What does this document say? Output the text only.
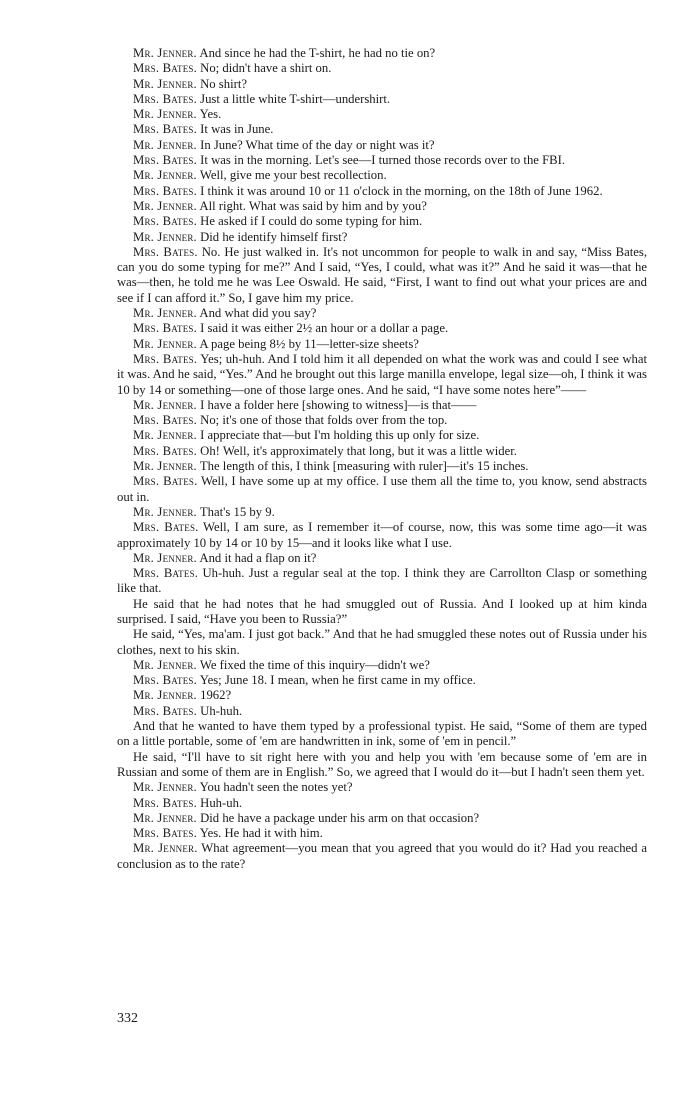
Mr. Jenner. And since he had the T-shirt, he had no tie on?

Mrs. Bates. No; didn't have a shirt on.

Mr. Jenner. No shirt?

Mrs. Bates. Just a little white T-shirt—undershirt.

Mr. Jenner. Yes.

Mrs. Bates. It was in June.

Mr. Jenner. In June? What time of the day or night was it?

Mrs. Bates. It was in the morning. Let's see—I turned those records over to the FBI.

Mr. Jenner. Well, give me your best recollection.

Mrs. Bates. I think it was around 10 or 11 o'clock in the morning, on the 18th of June 1962.

Mr. Jenner. All right. What was said by him and by you?

Mrs. Bates. He asked if I could do some typing for him.

Mr. Jenner. Did he identify himself first?

Mrs. Bates. No. He just walked in. It's not uncommon for people to walk in and say, “Miss Bates, can you do some typing for me?” And I said, “Yes, I could, what was it?” And he said it was—that he was—then, he told me he was Lee Oswald. He said, “First, I want to find out what your prices are and see if I can afford it.” So, I gave him my price.

Mr. Jenner. And what did you say?

Mrs. Bates. I said it was either 2½ an hour or a dollar a page.

Mr. Jenner. A page being 8½ by 11—letter-size sheets?

Mrs. Bates. Yes; uh-huh. And I told him it all depended on what the work was and could I see what it was. And he said, “Yes.” And he brought out this large manilla envelope, legal size—oh, I think it was 10 by 14 or something—one of those large ones. And he said, “I have some notes here”——

Mr. Jenner. I have a folder here [showing to witness]—is that——

Mrs. Bates. No; it's one of those that folds over from the top.

Mr. Jenner. I appreciate that—but I'm holding this up only for size.

Mrs. Bates. Oh! Well, it's approximately that long, but it was a little wider.

Mr. Jenner. The length of this, I think [measuring with ruler]—it's 15 inches.

Mrs. Bates. Well, I have some up at my office. I use them all the time to, you know, send abstracts out in.

Mr. Jenner. That's 15 by 9.

Mrs. Bates. Well, I am sure, as I remember it—of course, now, this was some time ago—it was approximately 10 by 14 or 10 by 15—and it looks like what I use.

Mr. Jenner. And it had a flap on it?

Mrs. Bates. Uh-huh. Just a regular seal at the top. I think they are Carrollton Clasp or something like that.

He said that he had notes that he had smuggled out of Russia. And I looked up at him kinda surprised. I said, “Have you been to Russia?”

He said, “Yes, ma'am. I just got back.” And that he had smuggled these notes out of Russia under his clothes, next to his skin.

Mr. Jenner. We fixed the time of this inquiry—didn't we?

Mrs. Bates. Yes; June 18. I mean, when he first came in my office.

Mr. Jenner. 1962?

Mrs. Bates. Uh-huh.

And that he wanted to have them typed by a professional typist. He said, “Some of them are typed on a little portable, some of 'em are handwritten in ink, some of 'em in pencil.”

He said, “I'll have to sit right here with you and help you with 'em because some of 'em are in Russian and some of them are in English.” So, we agreed that I would do it—but I hadn't seen them yet.

Mr. Jenner. You hadn't seen the notes yet?

Mrs. Bates. Huh-uh.

Mr. Jenner. Did he have a package under his arm on that occasion?

Mrs. Bates. Yes. He had it with him.

Mr. Jenner. What agreement—you mean that you agreed that you would do it? Had you reached a conclusion as to the rate?

332
